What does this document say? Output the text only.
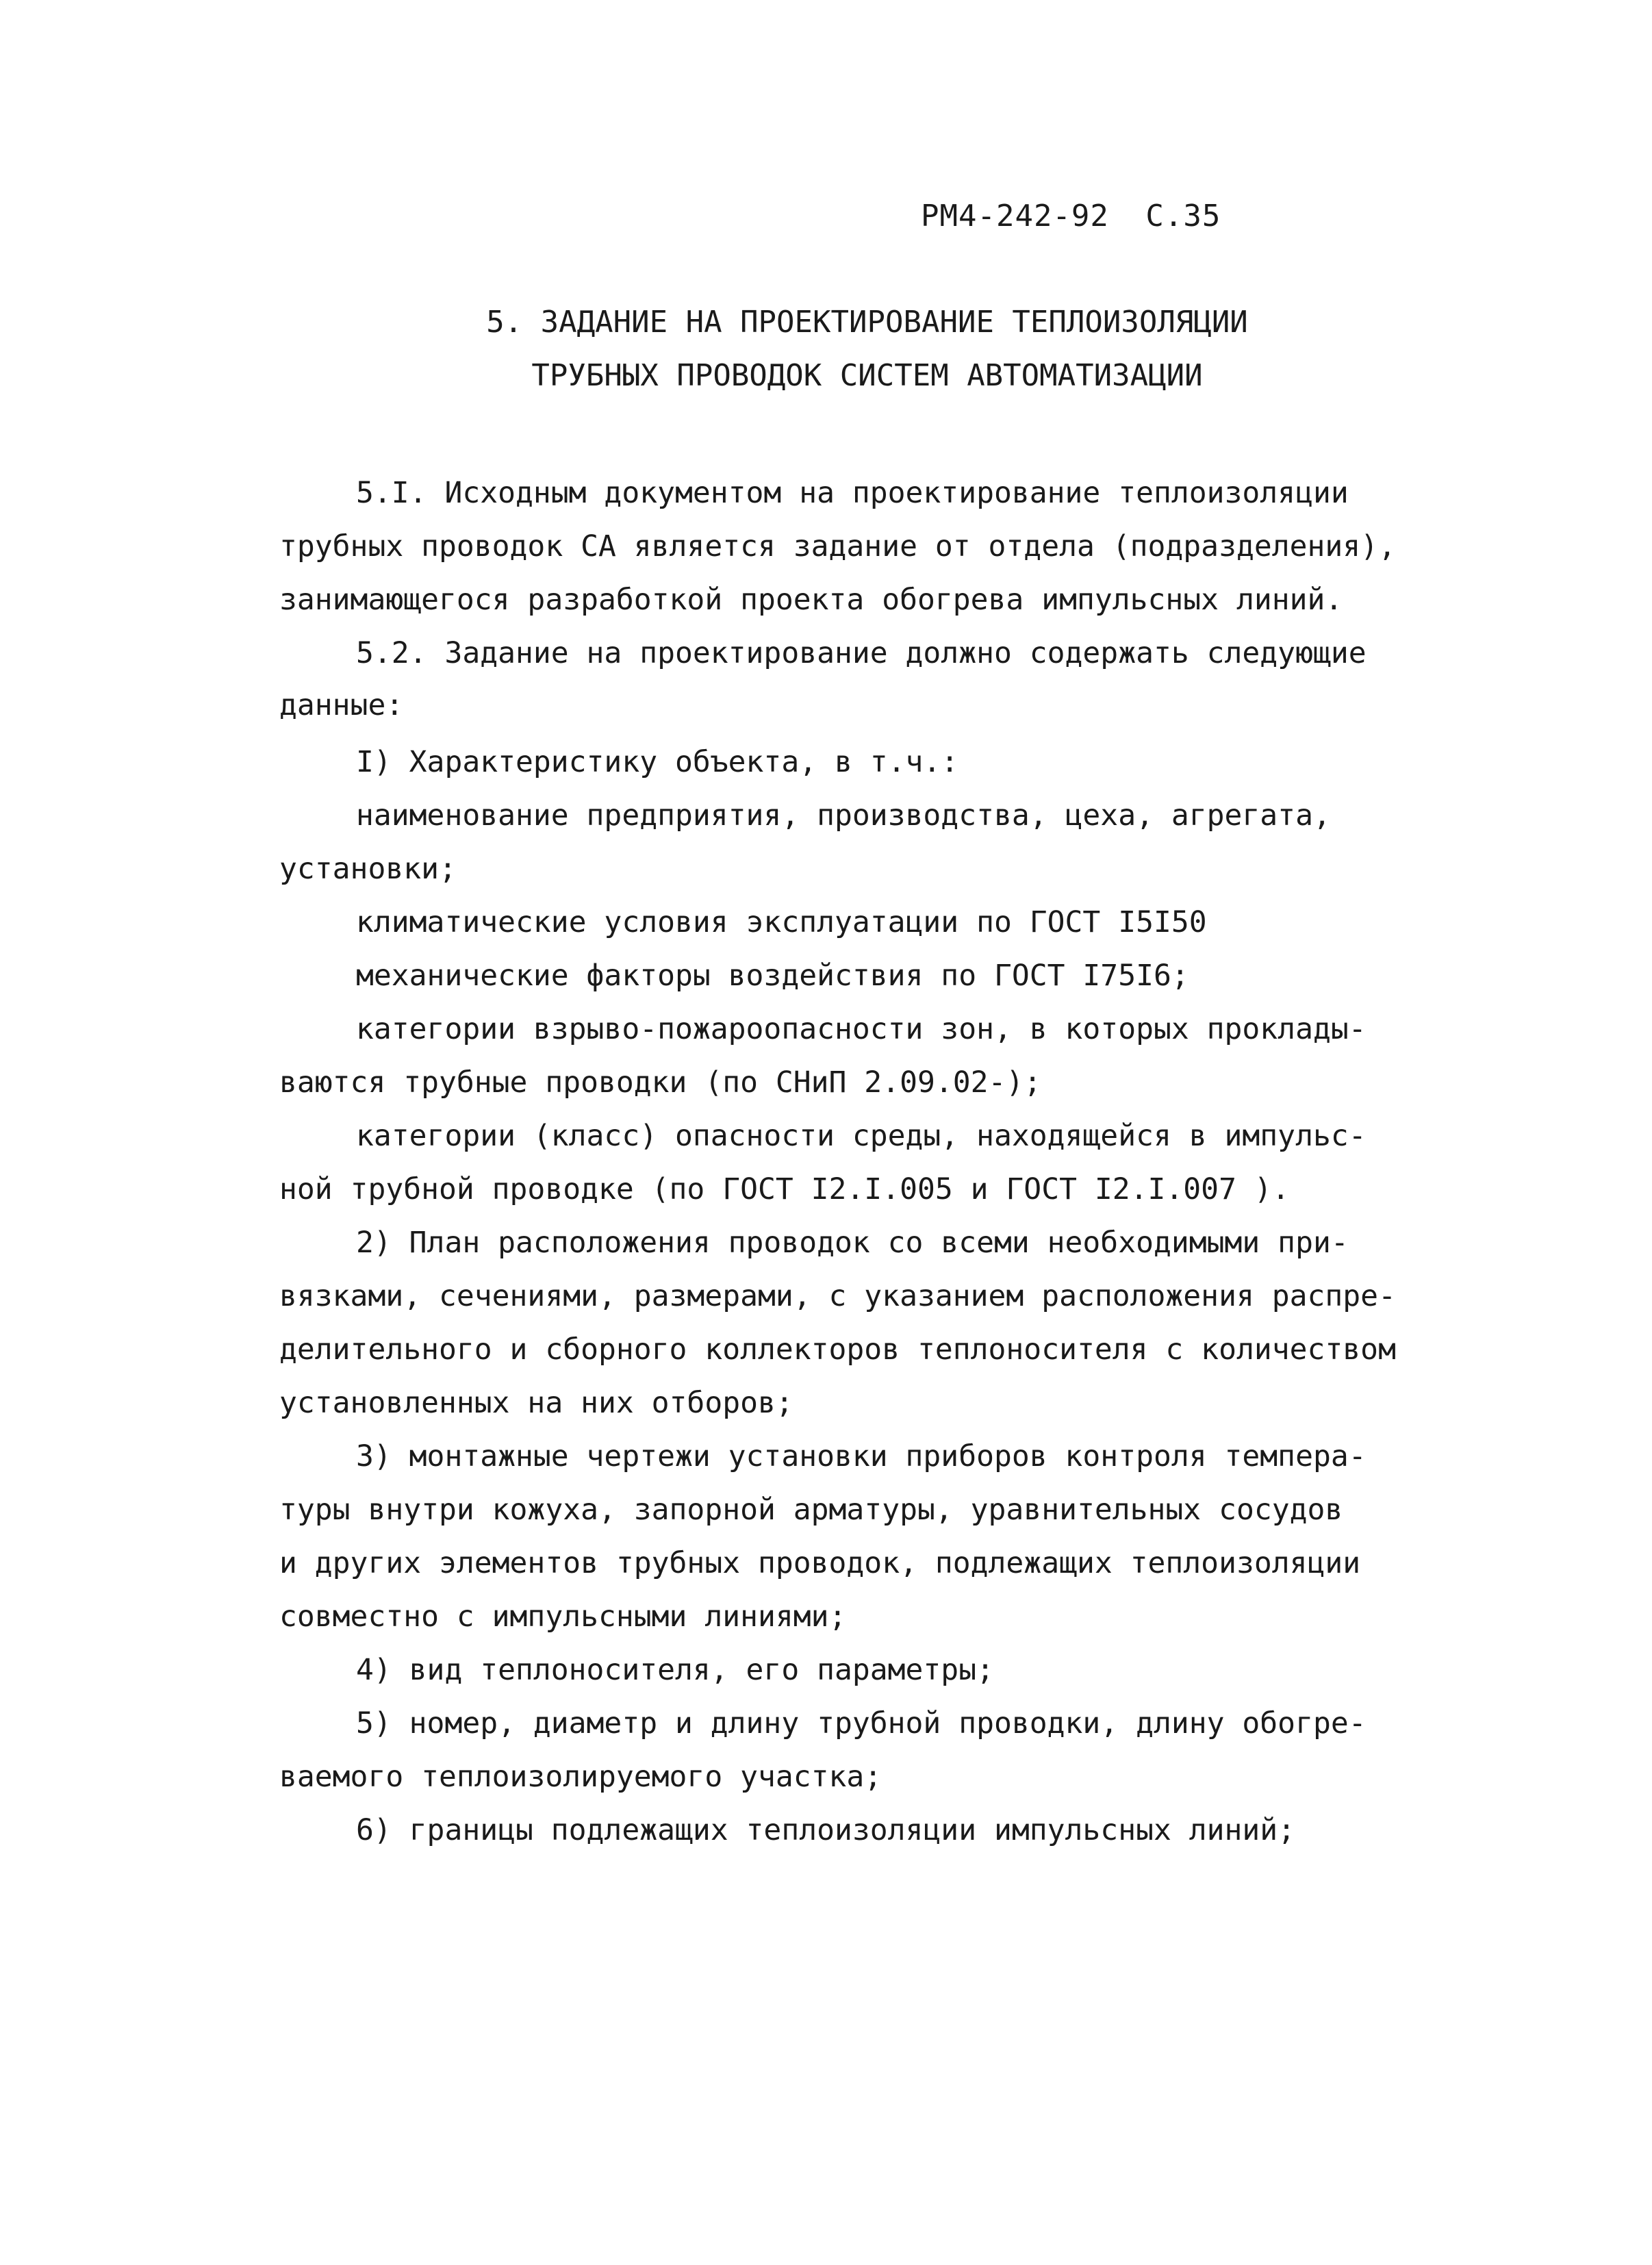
РМ4-242-92 С.35
5. ЗАДАНИЕ НА ПРОЕКТИРОВАНИЕ ТЕПЛОИЗОЛЯЦИИ
ТРУБНЫХ ПРОВОДОК СИСТЕМ АВТОМАТИЗАЦИИ
5.I. Исходным документом на проектирование теплоизоляции
трубных проводок СА является задание от отдела (подразделения),
занимающегося разработкой проекта обогрева импульсных линий.
5.2. Задание на проектирование должно содержать следующие
данные:
I) Характеристику объекта, в т.ч.:
наименование предприятия, производства, цеха, агрегата,
установки;
климатические условия эксплуатации по ГОСТ I5I50
механические факторы воздействия по ГОСТ I75I6;
категории взрыво-пожароопасности зон, в которых проклады-
ваются трубные проводки (по СНиП 2.09.02-);
категории (класс) опасности среды, находящейся в импульс-
ной трубной проводке (по ГОСТ I2.I.005 и ГОСТ I2.I.007 ).
2) План расположения проводок со всеми необходимыми при-
вязками, сечениями, размерами, с указанием расположения распре-
делительного и сборного коллекторов теплоносителя с количеством
установленных на них отборов;
3) монтажные чертежи установки приборов контроля темпера-
туры внутри кожуха, запорной арматуры, уравнительных сосудов
и других элементов трубных проводок, подлежащих теплоизоляции
совместно с импульсными линиями;
4) вид теплоносителя, его параметры;
5) номер, диаметр и длину трубной проводки, длину обогре-
ваемого теплоизолируемого участка;
6) границы подлежащих теплоизоляции импульсных линий;
